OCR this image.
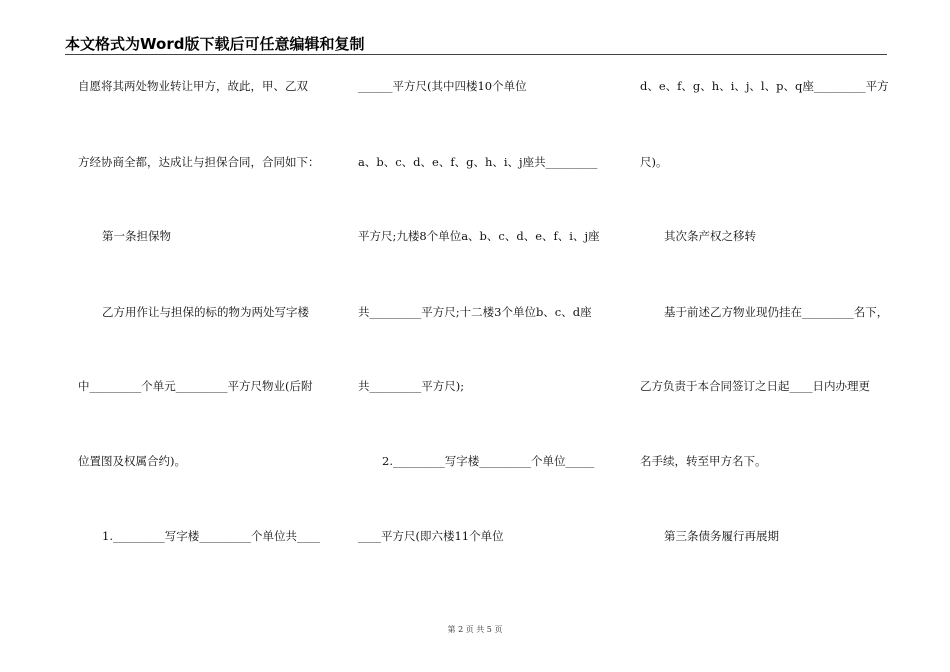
本文格式为Word版下载后可任意编辑和复制
自愿将其两处物业转让甲方，故此，甲、乙双
方经协商全都，达成让与担保合同，合同如下：
第一条担保物
乙方用作让与担保的标的物为两处写字楼
中_________个单元_________平方尺物业(后附
位置图及权属合约)。
1._________写字楼_________个单位共____
______平方尺(其中四楼10个单位
a、b、c、d、e、f、g、h、i、j座共_________
平方尺;九楼8个单位a、b、c、d、e、f、i、j座
共_________平方尺;十二楼3个单位b、c、d座
共_________平方尺);
2._________写字楼_________个单位_____
____平方尺(即六楼11个单位
d、e、f、g、h、i、j、l、p、q座_________平方
尺)。
其次条产权之移转
基于前述乙方物业现仍挂在_________名下，
乙方负责于本合同签订之日起____日内办理更
名手续，转至甲方名下。
第三条债务履行再展期
第 2 页 共 5 页
